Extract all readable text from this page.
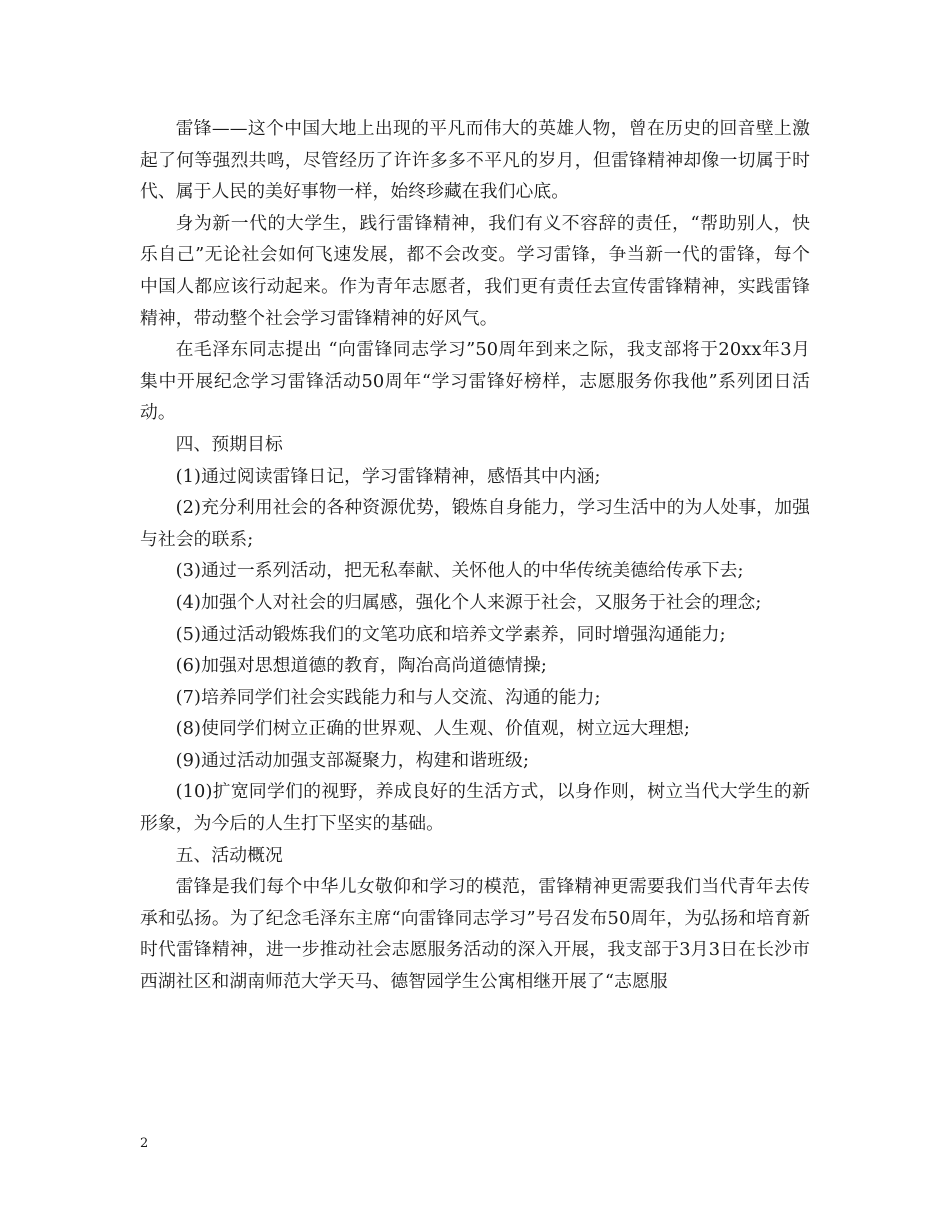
雷锋——这个中国大地上出现的平凡而伟大的英雄人物，曾在历史的回音壁上激起了何等强烈共鸣，尽管经历了许许多多不平凡的岁月，但雷锋精神却像一切属于时代、属于人民的美好事物一样，始终珍藏在我们心底。

身为新一代的大学生，践行雷锋精神，我们有义不容辞的责任，“帮助别人，快乐自己”无论社会如何飞速发展，都不会改变。学习雷锋，争当新一代的雷锋，每个中国人都应该行动起来。作为青年志愿者，我们更有责任去宣传雷锋精神，实践雷锋精神，带动整个社会学习雷锋精神的好风气。

在毛泽东同志提出 “向雷锋同志学习”50周年到来之际，我支部将于20xx年3月集中开展纪念学习雷锋活动50周年“学习雷锋好榜样，志愿服务你我他”系列团日活动。

四、预期目标

(1)通过阅读雷锋日记，学习雷锋精神，感悟其中内涵;

(2)充分利用社会的各种资源优势，锻炼自身能力，学习生活中的为人处事，加强与社会的联系;

(3)通过一系列活动，把无私奉献、关怀他人的中华传统美德给传承下去;

(4)加强个人对社会的归属感，强化个人来源于社会，又服务于社会的理念;

(5)通过活动锻炼我们的文笔功底和培养文学素养，同时增强沟通能力;

(6)加强对思想道德的教育，陶冶高尚道德情操;

(7)培养同学们社会实践能力和与人交流、沟通的能力;

(8)使同学们树立正确的世界观、人生观、价值观，树立远大理想;

(9)通过活动加强支部凝聚力，构建和谐班级;

(10)扩宽同学们的视野，养成良好的生活方式，以身作则，树立当代大学生的新形象，为今后的人生打下坚实的基础。

五、活动概况

雷锋是我们每个中华儿女敬仰和学习的模范，雷锋精神更需要我们当代青年去传承和弘扬。为了纪念毛泽东主席“向雷锋同志学习”号召发布50周年，为弘扬和培育新时代雷锋精神，进一步推动社会志愿服务活动的深入开展，我支部于3月3日在长沙市西湖社区和湖南师范大学天马、德智园学生公寓相继开展了“志愿服

2
